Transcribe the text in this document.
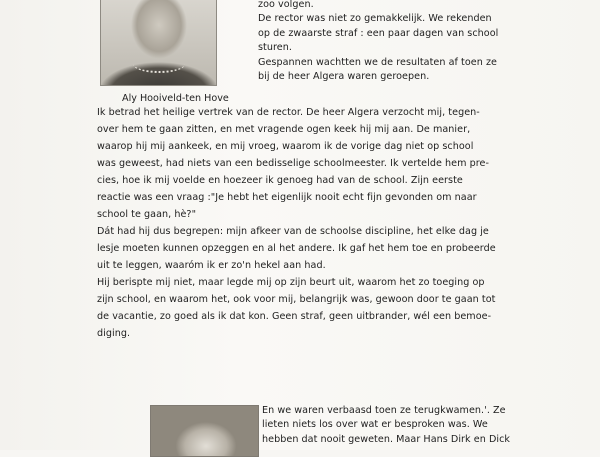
zoo volgen.
De rector was niet zo gemakkelijk. We rekenden
op de zwaarste straf : een paar dagen van school
sturen.
Gespannen wachtten we de resultaten af toen ze
bij de heer Algera waren geroepen.
Aly Hooiveld-ten Hove
Ik betrad het heilige vertrek van de rector. De heer Algera verzocht mij, tegen-
over hem te gaan zitten, en met vragende ogen keek hij mij aan. De manier,
waarop hij mij aankeek, en mij vroeg, waarom ik de vorige dag niet op school
was geweest, had niets van een bedisselige schoolmeester. Ik vertelde hem pre-
cies, hoe ik mij voelde en hoezeer ik genoeg had van de school. Zijn eerste
reactie was een vraag :"Je hebt het eigenlijk nooit echt fijn gevonden om naar
school te gaan, hè?"
Dát had hij dus begrepen: mijn afkeer van de schoolse discipline, het elke dag je
lesje moeten kunnen opzeggen en al het andere. Ik gaf het hem toe en probeerde
uit te leggen, waaróm ik er zo'n hekel aan had.
Hij berispte mij niet, maar legde mij op zijn beurt uit, waarom het zo toeging op
zijn school, en waarom het, ook voor mij, belangrijk was, gewoon door te gaan tot
de vacantie, zo goed als ik dat kon. Geen straf, geen uitbrander, wél een bemoe-
diging.
En we waren verbaasd toen ze terugkwamen.'. Ze
lieten niets los over wat er besproken was. We
hebben dat nooit geweten. Maar Hans Dirk en Dick
